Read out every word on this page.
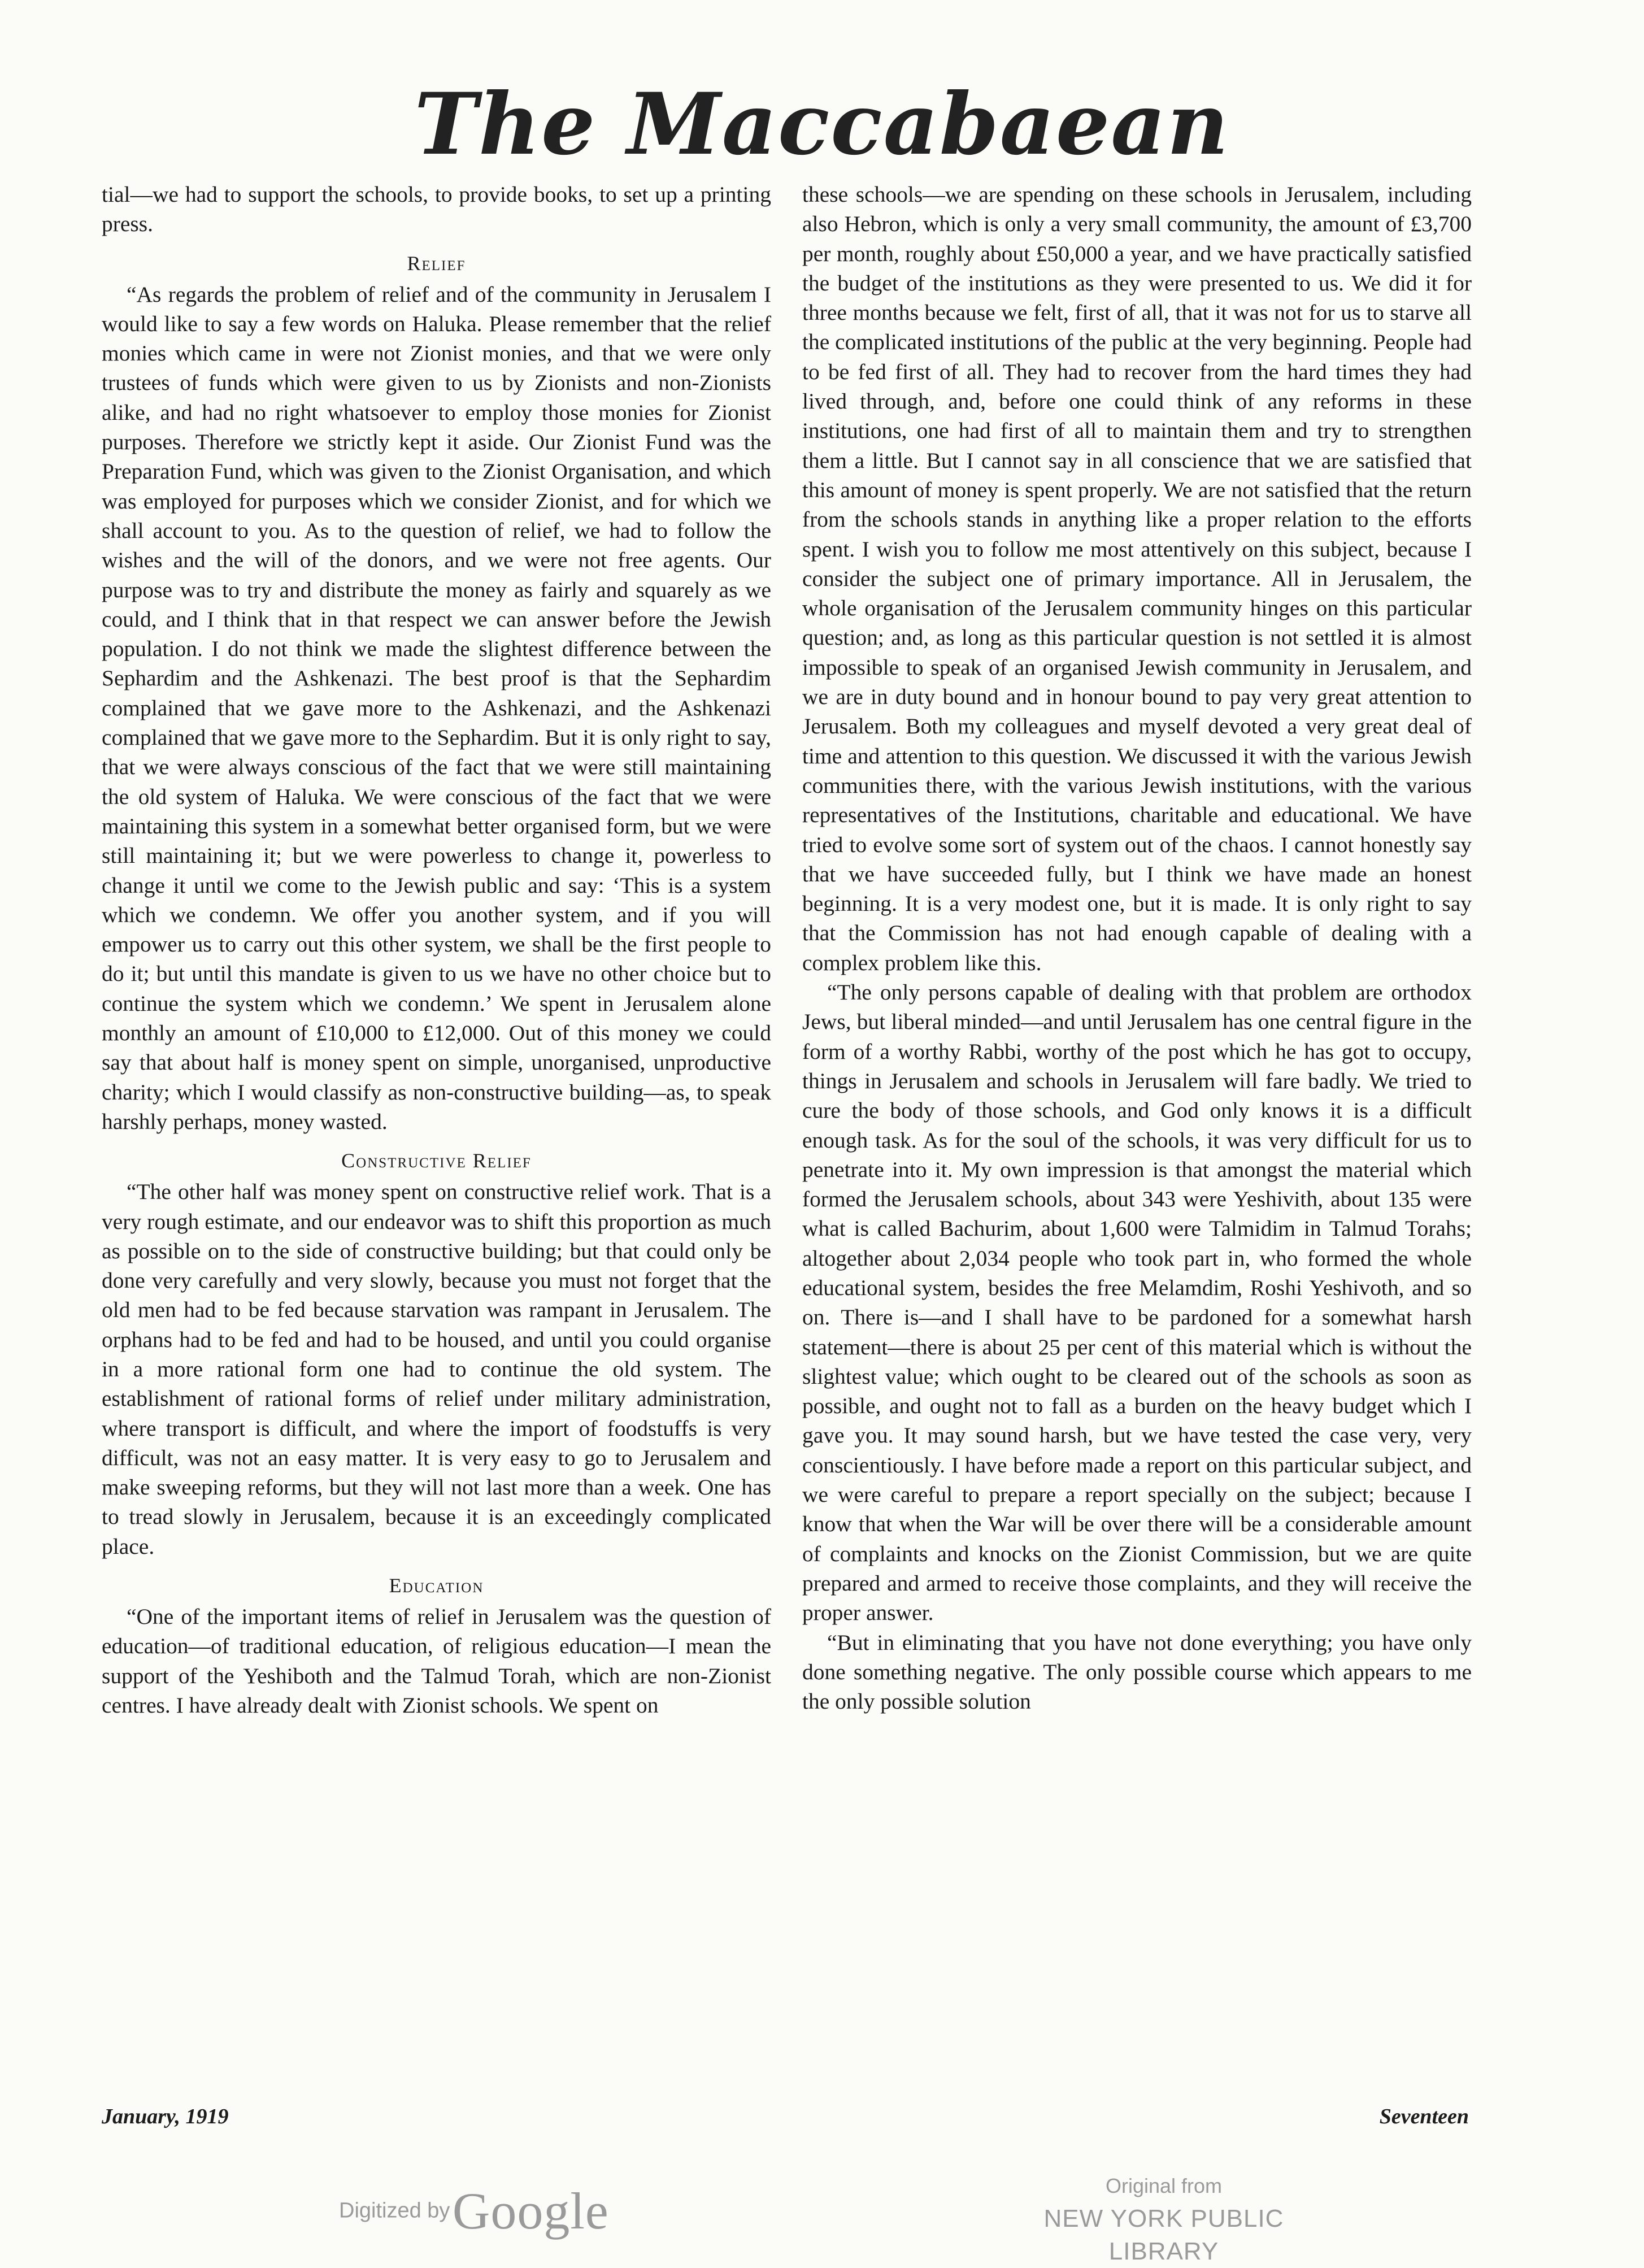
The Maccabaean

tial—we had to support the schools, to provide books, to set up a printing press.

Relief

“As regards the problem of relief and of the community in Jerusalem I would like to say a few words on Haluka. Please remember that the relief monies which came in were not Zionist monies, and that we were only trustees of funds which were given to us by Zionists and non-Zionists alike, and had no right whatsoever to employ those monies for Zionist purposes. Therefore we strictly kept it aside. Our Zionist Fund was the Preparation Fund, which was given to the Zionist Organisation, and which was employed for purposes which we consider Zionist, and for which we shall account to you. As to the question of relief, we had to follow the wishes and the will of the donors, and we were not free agents. Our purpose was to try and distribute the money as fairly and squarely as we could, and I think that in that respect we can answer before the Jewish population. I do not think we made the slightest difference between the Sephardim and the Ashkenazi. The best proof is that the Sephardim complained that we gave more to the Ashkenazi, and the Ashkenazi complained that we gave more to the Sephardim. But it is only right to say, that we were always conscious of the fact that we were still maintaining the old system of Haluka. We were conscious of the fact that we were maintaining this system in a somewhat better organised form, but we were still maintaining it; but we were powerless to change it, powerless to change it until we come to the Jewish public and say: ‘This is a system which we condemn. We offer you another system, and if you will empower us to carry out this other system, we shall be the first people to do it; but until this mandate is given to us we have no other choice but to continue the system which we condemn.’ We spent in Jerusalem alone monthly an amount of £10,000 to £12,000. Out of this money we could say that about half is money spent on simple, unorganised, unproductive charity; which I would classify as non-constructive building—as, to speak harshly perhaps, money wasted.

Constructive Relief

“The other half was money spent on constructive relief work. That is a very rough estimate, and our endeavor was to shift this proportion as much as possible on to the side of constructive building; but that could only be done very carefully and very slowly, because you must not forget that the old men had to be fed because starvation was rampant in Jerusalem. The orphans had to be fed and had to be housed, and until you could organise in a more rational form one had to continue the old system. The establishment of rational forms of relief under military administration, where transport is difficult, and where the import of foodstuffs is very difficult, was not an easy matter. It is very easy to go to Jerusalem and make sweeping reforms, but they will not last more than a week. One has to tread slowly in Jerusalem, because it is an exceedingly complicated place.

Education

“One of the important items of relief in Jerusalem was the question of education—of traditional education, of religious education—I mean the support of the Yeshiboth and the Talmud Torah, which are non-Zionist centres. I have already dealt with Zionist schools. We spent on

these schools—we are spending on these schools in Jerusalem, including also Hebron, which is only a very small community, the amount of £3,700 per month, roughly about £50,000 a year, and we have practically satisfied the budget of the institutions as they were presented to us. We did it for three months because we felt, first of all, that it was not for us to starve all the complicated institutions of the public at the very beginning. People had to be fed first of all. They had to recover from the hard times they had lived through, and, before one could think of any reforms in these institutions, one had first of all to maintain them and try to strengthen them a little. But I cannot say in all conscience that we are satisfied that this amount of money is spent properly. We are not satisfied that the return from the schools stands in anything like a proper relation to the efforts spent. I wish you to follow me most attentively on this subject, because I consider the subject one of primary importance. All in Jerusalem, the whole organisation of the Jerusalem community hinges on this particular question; and, as long as this particular question is not settled it is almost impossible to speak of an organised Jewish community in Jerusalem, and we are in duty bound and in honour bound to pay very great attention to Jerusalem. Both my colleagues and myself devoted a very great deal of time and attention to this question. We discussed it with the various Jewish communities there, with the various Jewish institutions, with the various representatives of the Institutions, charitable and educational. We have tried to evolve some sort of system out of the chaos. I cannot honestly say that we have succeeded fully, but I think we have made an honest beginning. It is a very modest one, but it is made. It is only right to say that the Commission has not had enough capable of dealing with a complex problem like this.

“The only persons capable of dealing with that problem are orthodox Jews, but liberal minded—and until Jerusalem has one central figure in the form of a worthy Rabbi, worthy of the post which he has got to occupy, things in Jerusalem and schools in Jerusalem will fare badly. We tried to cure the body of those schools, and God only knows it is a difficult enough task. As for the soul of the schools, it was very difficult for us to penetrate into it. My own impression is that amongst the material which formed the Jerusalem schools, about 343 were Yeshivith, about 135 were what is called Bachurim, about 1,600 were Talmidim in Talmud Torahs; altogether about 2,034 people who took part in, who formed the whole educational system, besides the free Melamdim, Roshi Yeshivoth, and so on. There is—and I shall have to be pardoned for a somewhat harsh statement—there is about 25 per cent of this material which is without the slightest value; which ought to be cleared out of the schools as soon as possible, and ought not to fall as a burden on the heavy budget which I gave you. It may sound harsh, but we have tested the case very, very conscientiously. I have before made a report on this particular subject, and we were careful to prepare a report specially on the subject; because I know that when the War will be over there will be a considerable amount of complaints and knocks on the Zionist Commission, but we are quite prepared and armed to receive those complaints, and they will receive the proper answer.

“But in eliminating that you have not done everything; you have only done something negative. The only possible course which appears to me the only possible solution

January, 1919	Seventeen
Digitized by Google	Original from
NEW YORK PUBLIC LIBRARY
